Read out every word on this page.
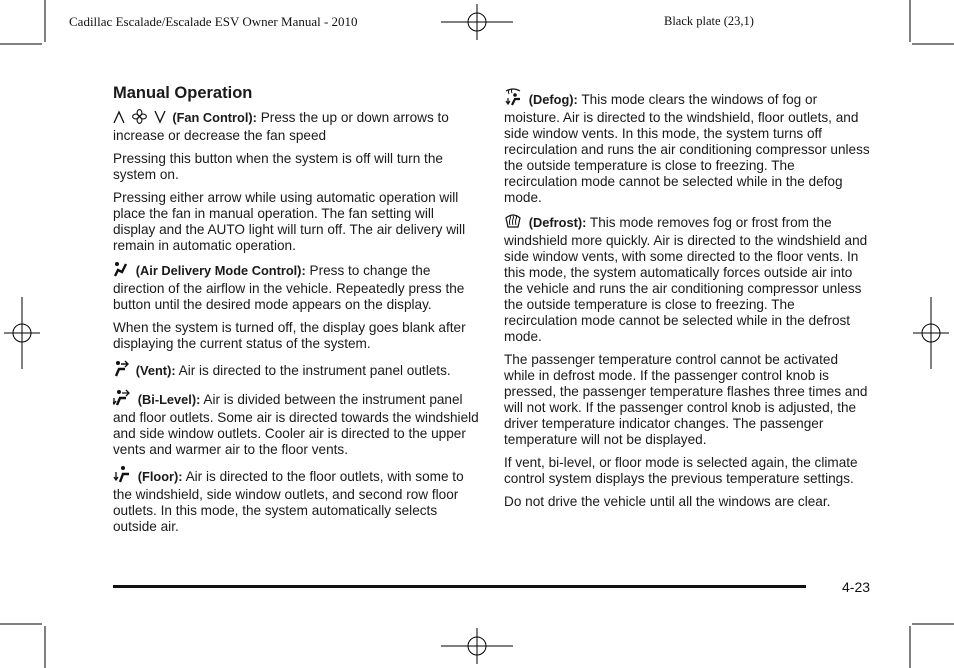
Cadillac Escalade/Escalade ESV Owner Manual - 2010	Black plate (23,1)
Manual Operation

(Fan Control): Press the up or down arrows to increase or decrease the fan speed

Pressing this button when the system is off will turn the system on.

Pressing either arrow while using automatic operation will place the fan in manual operation. The fan setting will display and the AUTO light will turn off. The air delivery will remain in automatic operation.

(Air Delivery Mode Control): Press to change the direction of the airflow in the vehicle. Repeatedly press the button until the desired mode appears on the display.

When the system is turned off, the display goes blank after displaying the current status of the system.

(Vent): Air is directed to the instrument panel outlets.

(Bi-Level): Air is divided between the instrument panel and floor outlets. Some air is directed towards the windshield and side window outlets. Cooler air is directed to the upper vents and warmer air to the floor vents.

(Floor): Air is directed to the floor outlets, with some to the windshield, side window outlets, and second row floor outlets. In this mode, the system automatically selects outside air.

(Defog): This mode clears the windows of fog or moisture. Air is directed to the windshield, floor outlets, and side window vents. In this mode, the system turns off recirculation and runs the air conditioning compressor unless the outside temperature is close to freezing. The recirculation mode cannot be selected while in the defog mode.

(Defrost): This mode removes fog or frost from the windshield more quickly. Air is directed to the windshield and side window vents, with some directed to the floor vents. In this mode, the system automatically forces outside air into the vehicle and runs the air conditioning compressor unless the outside temperature is close to freezing. The recirculation mode cannot be selected while in the defrost mode.

The passenger temperature control cannot be activated while in defrost mode. If the passenger control knob is pressed, the passenger temperature flashes three times and will not work. If the passenger control knob is adjusted, the driver temperature indicator changes. The passenger temperature will not be displayed.

If vent, bi-level, or floor mode is selected again, the climate control system displays the previous temperature settings.

Do not drive the vehicle until all the windows are clear.

4-23
